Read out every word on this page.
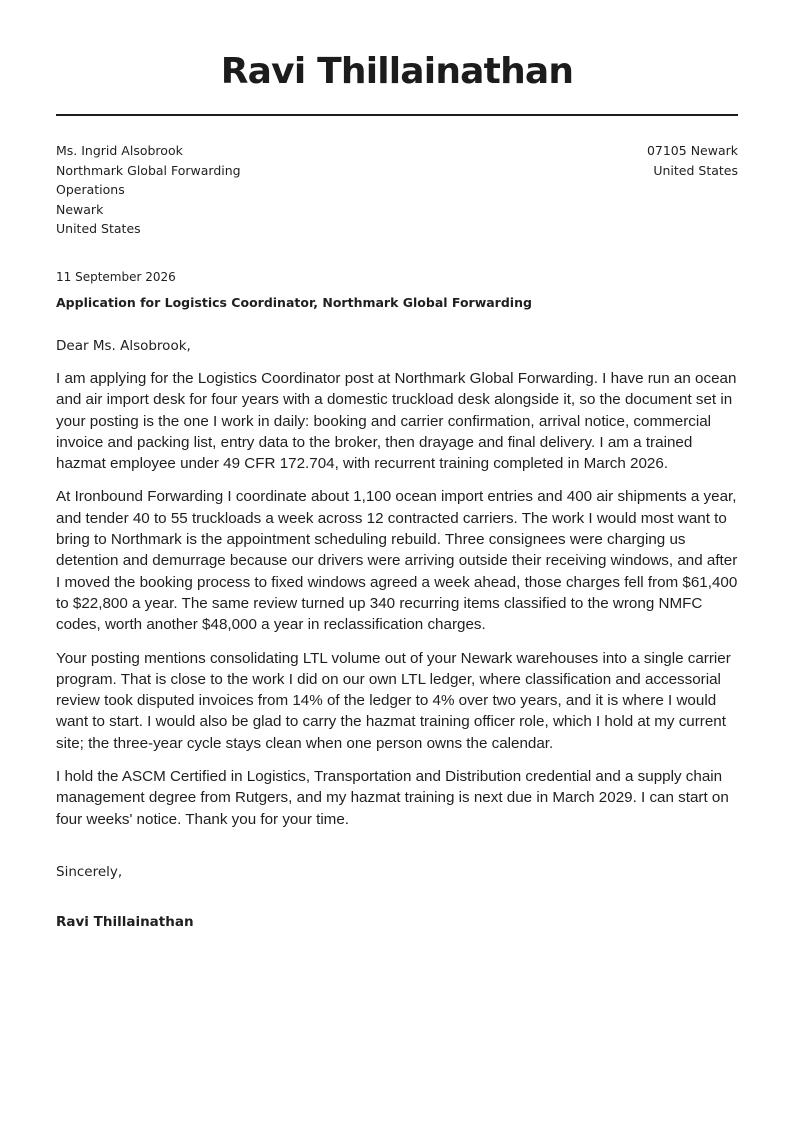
Ravi Thillainathan
Ms. Ingrid Alsobrook
Northmark Global Forwarding
Operations
Newark
United States
07105 Newark
United States
11 September 2026
Application for Logistics Coordinator, Northmark Global Forwarding
Dear Ms. Alsobrook,

I am applying for the Logistics Coordinator post at Northmark Global Forwarding. I have run an ocean and air import desk for four years with a domestic truckload desk alongside it, so the document set in your posting is the one I work in daily: booking and carrier confirmation, arrival notice, commercial invoice and packing list, entry data to the broker, then drayage and final delivery. I am a trained hazmat employee under 49 CFR 172.704, with recurrent training completed in March 2026.

At Ironbound Forwarding I coordinate about 1,100 ocean import entries and 400 air shipments a year, and tender 40 to 55 truckloads a week across 12 contracted carriers. The work I would most want to bring to Northmark is the appointment scheduling rebuild. Three consignees were charging us detention and demurrage because our drivers were arriving outside their receiving windows, and after I moved the booking process to fixed windows agreed a week ahead, those charges fell from $61,400 to $22,800 a year. The same review turned up 340 recurring items classified to the wrong NMFC codes, worth another $48,000 a year in reclassification charges.

Your posting mentions consolidating LTL volume out of your Newark warehouses into a single carrier program. That is close to the work I did on our own LTL ledger, where classification and accessorial review took disputed invoices from 14% of the ledger to 4% over two years, and it is where I would want to start. I would also be glad to carry the hazmat training officer role, which I hold at my current site; the three-year cycle stays clean when one person owns the calendar.

I hold the ASCM Certified in Logistics, Transportation and Distribution credential and a supply chain management degree from Rutgers, and my hazmat training is next due in March 2029. I can start on four weeks' notice. Thank you for your time.

Sincerely,
Ravi Thillainathan
